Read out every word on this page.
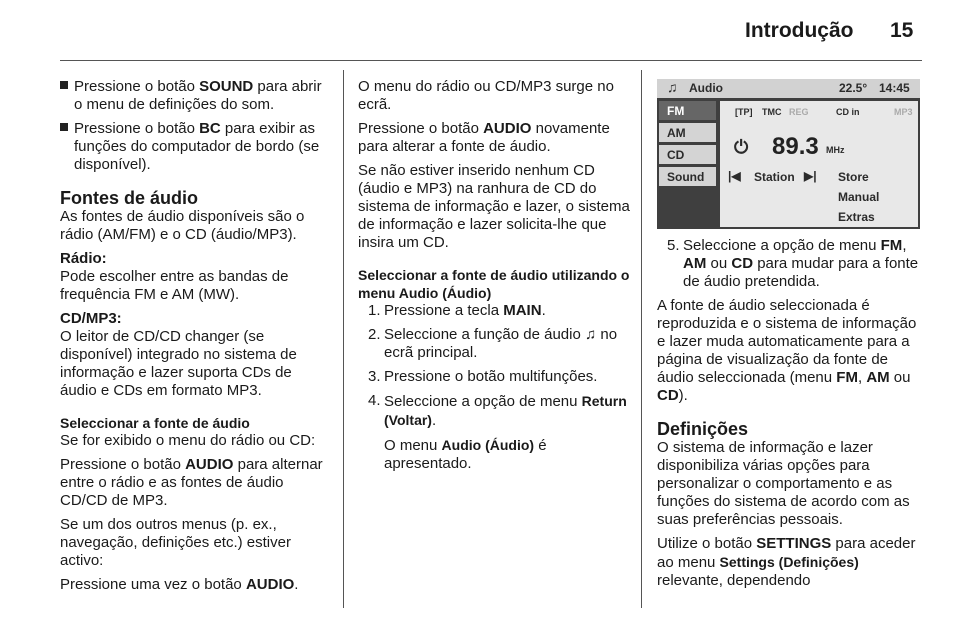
Introdução 15
Pressione o botão SOUND para abrir o menu de definições do som.
Pressione o botão BC para exibir as funções do computador de bordo (se disponível).
Fontes de áudio

As fontes de áudio disponíveis são o rádio (AM/FM) e o CD (áudio/MP3).

Rádio:

Pode escolher entre as bandas de frequência FM e AM (MW).

CD/MP3:

O leitor de CD/CD changer (se disponível) integrado no sistema de informação e lazer suporta CDs de áudio e CDs em formato MP3.

Seleccionar a fonte de áudio

Se for exibido o menu do rádio ou CD:

Pressione o botão AUDIO para alternar entre o rádio e as fontes de áudio CD/CD de MP3.

Se um dos outros menus (p. ex., navegação, definições etc.) estiver activo:

Pressione uma vez o botão AUDIO.

O menu do rádio ou CD/MP3 surge no ecrã.

Pressione o botão AUDIO novamente para alterar a fonte de áudio.

Se não estiver inserido nenhum CD (áudio e MP3) na ranhura de CD do sistema de informação e lazer, o sistema de informação e lazer solicita-lhe que insira um CD.

Seleccionar a fonte de áudio utilizando o menu Audio (Áudio)

1. Pressione a tecla MAIN.
2. Seleccione a função de áudio ♫ no ecrã principal.
3. Pressione o botão multifunções.
4. Seleccione a opção de menu Return (Voltar).
O menu Audio (Áudio) é apresentado.
♫ Audio	22.5° 14:45
FM
AM
CD
Sound
[TP] TMC REG	CD in	MP3
⏻ 89.3 MHz
|◀ Station ▶| Store
Manual
Extras
5. Seleccione a opção de menu FM, AM ou CD para mudar para a fonte de áudio pretendida.

A fonte de áudio seleccionada é reproduzida e o sistema de informação e lazer muda automaticamente para a página de visualização da fonte de áudio seleccionada (menu FM, AM ou CD).

Definições

O sistema de informação e lazer disponibiliza várias opções para personalizar o comportamento e as funções do sistema de acordo com as suas preferências pessoais.

Utilize o botão SETTINGS para aceder ao menu Settings (Definições) relevante, dependendo
